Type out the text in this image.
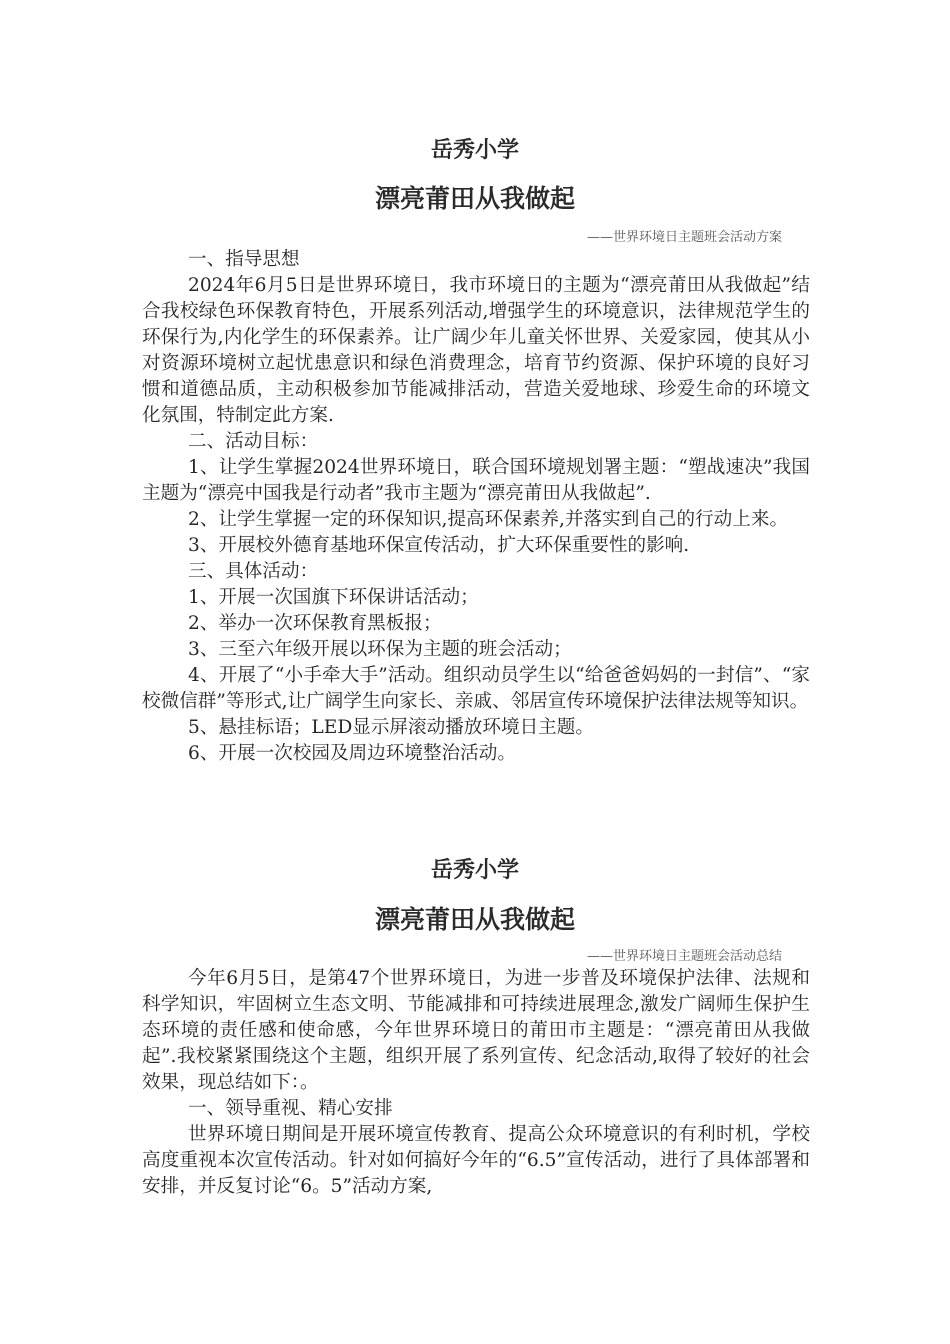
岳秀小学
漂亮莆田从我做起
——世界环境日主题班会活动方案

一、指导思想

2024年6月5日是世界环境日，我市环境日的主题为“漂亮莆田从我做起”结合我校绿色环保教育特色，开展系列活动,增强学生的环境意识，法律规范学生的环保行为,内化学生的环保素养。让广阔少年儿童关怀世界、关爱家园，使其从小对资源环境树立起忧患意识和绿色消费理念，培育节约资源、保护环境的良好习惯和道德品质，主动积极参加节能减排活动，营造关爱地球、珍爱生命的环境文化氛围，特制定此方案.

二、活动目标：

1、让学生掌握2024世界环境日，联合国环境规划署主题：“塑战速决”我国主题为“漂亮中国我是行动者”我市主题为“漂亮莆田从我做起”.

2、让学生掌握一定的环保知识,提高环保素养,并落实到自己的行动上来。

3、开展校外德育基地环保宣传活动，扩大环保重要性的影响.

三、具体活动：

1、开展一次国旗下环保讲话活动；

2、举办一次环保教育黑板报；

3、三至六年级开展以环保为主题的班会活动；

4、开展了“小手牵大手”活动。组织动员学生以“给爸爸妈妈的一封信”、“家校微信群”等形式,让广阔学生向家长、亲戚、邻居宣传环境保护法律法规等知识。

5、悬挂标语；LED显示屏滚动播放环境日主题。

6、开展一次校园及周边环境整治活动。

岳秀小学
漂亮莆田从我做起
——世界环境日主题班会活动总结

今年6月5日，是第47个世界环境日，为进一步普及环境保护法律、法规和科学知识，牢固树立生态文明、节能减排和可持续进展理念,激发广阔师生保护生态环境的责任感和使命感，今年世界环境日的莆田市主题是：“漂亮莆田从我做起”.我校紧紧围绕这个主题，组织开展了系列宣传、纪念活动,取得了较好的社会效果，现总结如下：。

一、领导重视、精心安排

世界环境日期间是开展环境宣传教育、提高公众环境意识的有利时机，学校高度重视本次宣传活动。针对如何搞好今年的“6.5”宣传活动，进行了具体部署和安排，并反复讨论“6。5”活动方案,
